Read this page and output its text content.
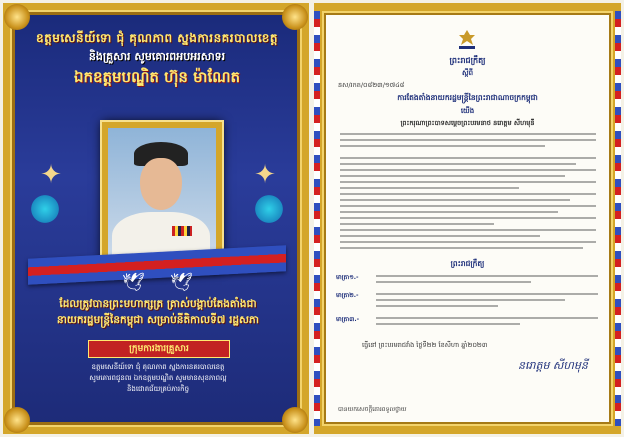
ឧត្តមសេនីយ៍ទោ ជុំ គុណភាព ស្នងការនគរបាលខេត្ត
និងគ្រួសារ សូមគោរពអបអរសាទរ
ឯកឧត្ដមបណ្ឌិត ហ៊ុន ម៉ាណែត
✦	✦
🕊 🕊
ដែលត្រូវបានព្រះមហាក្សត្រ ត្រាស់បង្គាប់តែងតាំងជា
នាយករដ្ឋមន្ត្រីនៃកម្ពុជា សម្រាប់នីតិកាលទី៧ រដ្ឋសភា
ក្រុមការងារគ្រួសារ
ឧត្តមសេនីយ៍ទោ ជុំ គុណភាព ស្នងការនគរបាលខេត្ត
សូមគោរពជូនពរ ឯកឧត្ដមបណ្ឌិត សូមមានសុខភាពល្អ
និងជោគជ័យគ្រប់ភារកិច្ច
ព្រះរាជក្រឹត្យ
ស្ដីពី
នស/រកត/០៨២៣/១៧៤៨
ការតែងតាំងនាយករដ្ឋមន្ត្រីនៃព្រះរាជាណាចក្រកម្ពុជា
យើង
ព្រះករុណាព្រះបាទសម្ដេចព្រះបរមនាថ នរោត្តម សីហមុនី
ព្រះរាជក្រឹត្យ
មាត្រា១.-
មាត្រា២.-
មាត្រា៣.-
ធ្វើនៅ ព្រះបរមរាជវាំង ថ្ងៃទី២២ ខែសីហា ឆ្នាំ២០២៣
នរោត្តម សីហមុនី
បានយកសេចក្ដីគោរពទូលថ្វាយ
